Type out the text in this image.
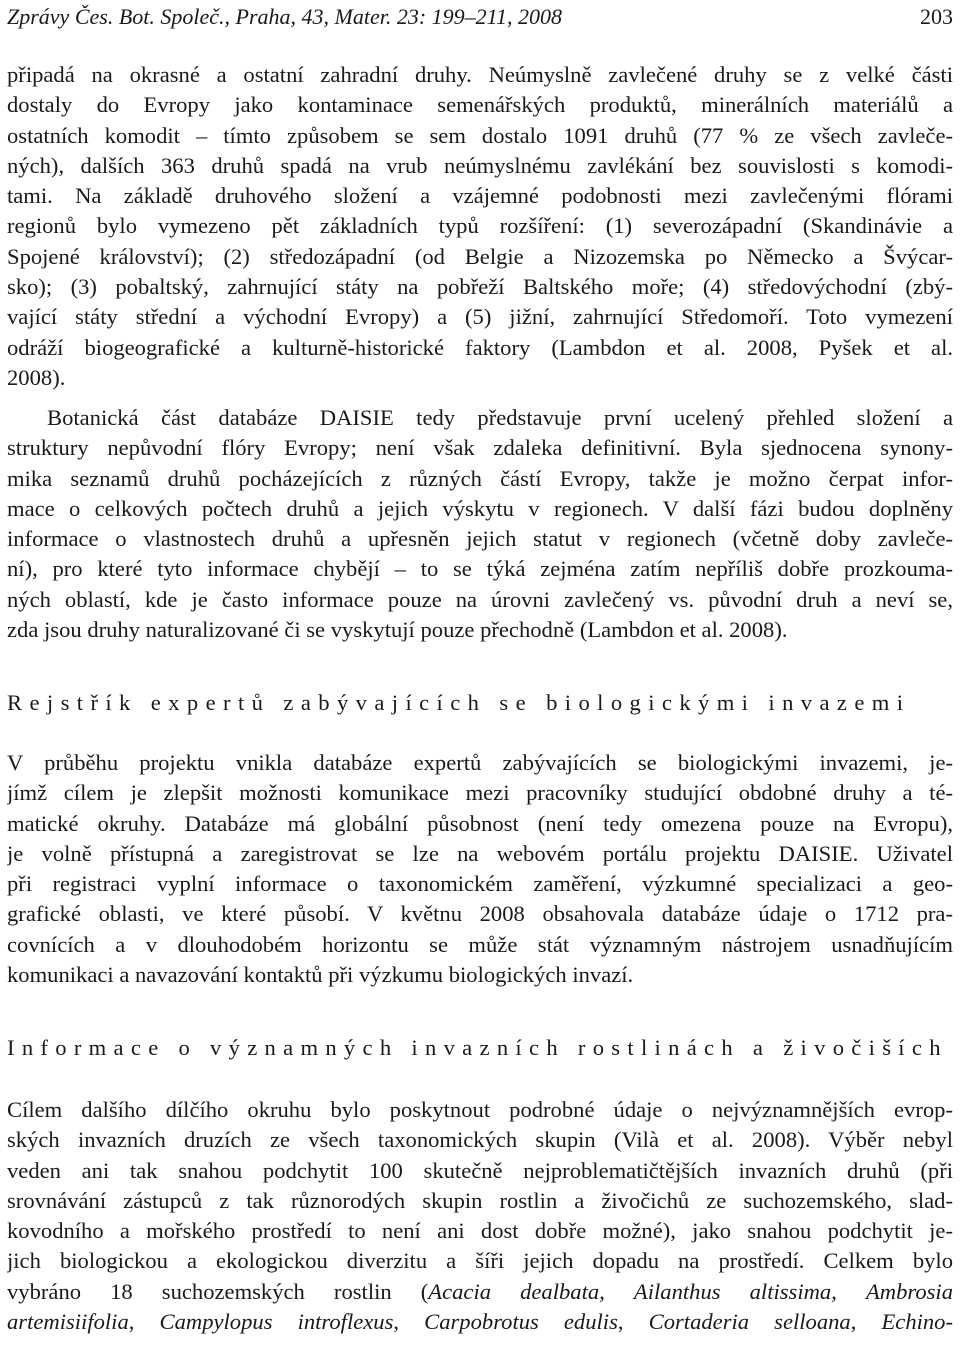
Zprávy Čes. Bot. Společ., Praha, 43, Mater. 23: 199–211, 2008	203
připadá na okrasné a ostatní zahradní druhy. Neúmyslně zavlečené druhy se z velké části
dostaly do Evropy jako kontaminace semenářských produktů, minerálních materiálů a
ostatních komodit – tímto způsobem se sem dostalo 1091 druhů (77 % ze všech zavleče-
ných), dalších 363 druhů spadá na vrub neúmyslnému zavlékání bez souvislosti s komodi-
tami. Na základě druhového složení a vzájemné podobnosti mezi zavlečenými flórami
regionů bylo vymezeno pět základních typů rozšíření: (1) severozápadní (Skandinávie a
Spojené království); (2) středozápadní (od Belgie a Nizozemska po Německo a Švýcar-
sko); (3) pobaltský, zahrnující státy na pobřeží Baltského moře; (4) středovýchodní (zbý-
vající státy střední a východní Evropy) a (5) jižní, zahrnující Středomoří. Toto vymezení
odráží biogeografické a kulturně-historické faktory (Lambdon et al. 2008, Pyšek et al.
2008).
Botanická část databáze DAISIE tedy představuje první ucelený přehled složení a
struktury nepůvodní flóry Evropy; není však zdaleka definitivní. Byla sjednocena synony-
mika seznamů druhů pocházejících z různých částí Evropy, takže je možno čerpat infor-
mace o celkových počtech druhů a jejich výskytu v regionech. V další fázi budou doplněny
informace o vlastnostech druhů a upřesněn jejich statut v regionech (včetně doby zavleče-
ní), pro které tyto informace chybějí – to se týká zejména zatím nepříliš dobře prozkouma-
ných oblastí, kde je často informace pouze na úrovni zavlečený vs. původní druh a neví se,
zda jsou druhy naturalizované či se vyskytují pouze přechodně (Lambdon et al. 2008).
Rejstřík expertů zabývajících se biologickými invazemi
V průběhu projektu vnikla databáze expertů zabývajících se biologickými invazemi, je-
jímž cílem je zlepšit možnosti komunikace mezi pracovníky studující obdobné druhy a té-
matické okruhy. Databáze má globální působnost (není tedy omezena pouze na Evropu),
je volně přístupná a zaregistrovat se lze na webovém portálu projektu DAISIE. Uživatel
při registraci vyplní informace o taxonomickém zaměření, výzkumné specializaci a geo-
grafické oblasti, ve které působí. V květnu 2008 obsahovala databáze údaje o 1712 pra-
covnících a v dlouhodobém horizontu se může stát významným nástrojem usnadňujícím
komunikaci a navazování kontaktů při výzkumu biologických invazí.
Informace o významných invazních rostlinách a živočiších
Cílem dalšího dílčího okruhu bylo poskytnout podrobné údaje o nejvýznamnějších evrop-
ských invazních druzích ze všech taxonomických skupin (Vilà et al. 2008). Výběr nebyl
veden ani tak snahou podchytit 100 skutečně nejproblematičtějších invazních druhů (při
srovnávání zástupců z tak různorodých skupin rostlin a živočichů ze suchozemského, slad-
kovodního a mořského prostředí to není ani dost dobře možné), jako snahou podchytit je-
jich biologickou a ekologickou diverzitu a šíři jejich dopadu na prostředí. Celkem bylo
vybráno 18 suchozemských rostlin (Acacia dealbata, Ailanthus altissima, Ambrosia
artemisiifolia, Campylopus introflexus, Carpobrotus edulis, Cortaderia selloana, Echino-
